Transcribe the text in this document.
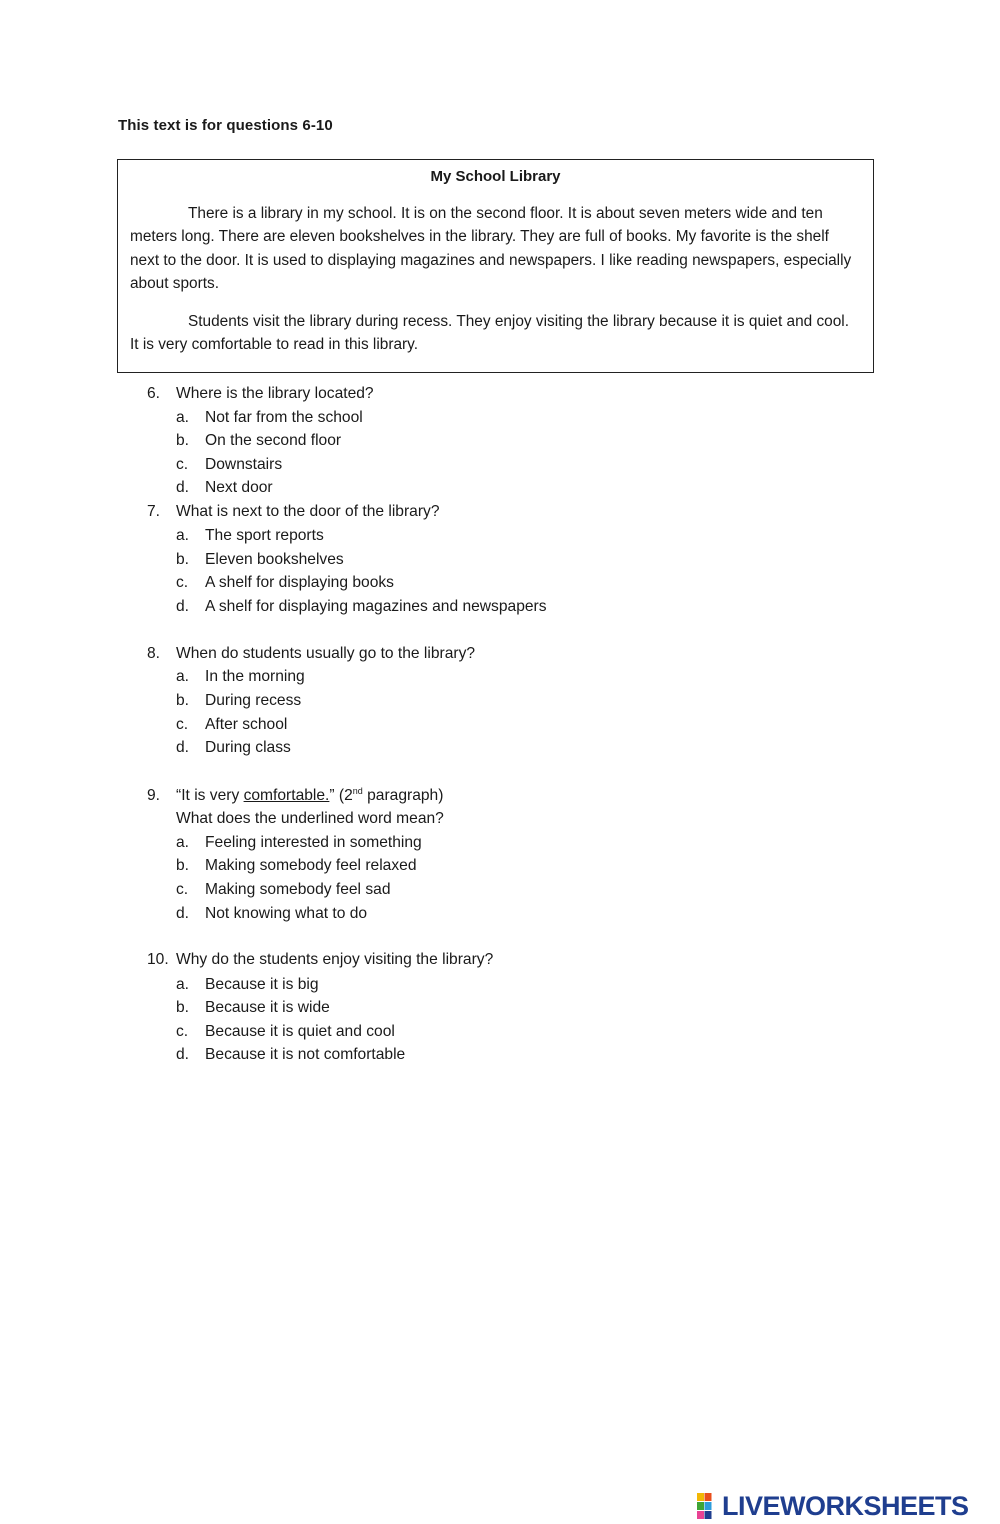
This text is for questions 6-10
My School Library

There is a library in my school. It is on the second floor. It is about seven meters wide and ten meters long. There are eleven bookshelves in the library. They are full of books. My favorite is the shelf next to the door. It is used to displaying magazines and newspapers. I like reading newspapers, especially about sports.

Students visit the library during recess. They enjoy visiting the library because it is quiet and cool. It is very comfortable to read in this library.

6. Where is the library located?
a. Not far from the school
b. On the second floor
c. Downstairs
d. Next door
7. What is next to the door of the library?
a. The sport reports
b. Eleven bookshelves
c. A shelf for displaying books
d. A shelf for displaying magazines and newspapers
8. When do students usually go to the library?
a. In the morning
b. During recess
c. After school
d. During class
9. “It is very comfortable.” (2nd paragraph)
What does the underlined word mean?
a. Feeling interested in something
b. Making somebody feel relaxed
c. Making somebody feel sad
d. Not knowing what to do
10. Why do the students enjoy visiting the library?
a. Because it is big
b. Because it is wide
c. Because it is quiet and cool
d. Because it is not comfortable
LIVEWORKSHEETS
